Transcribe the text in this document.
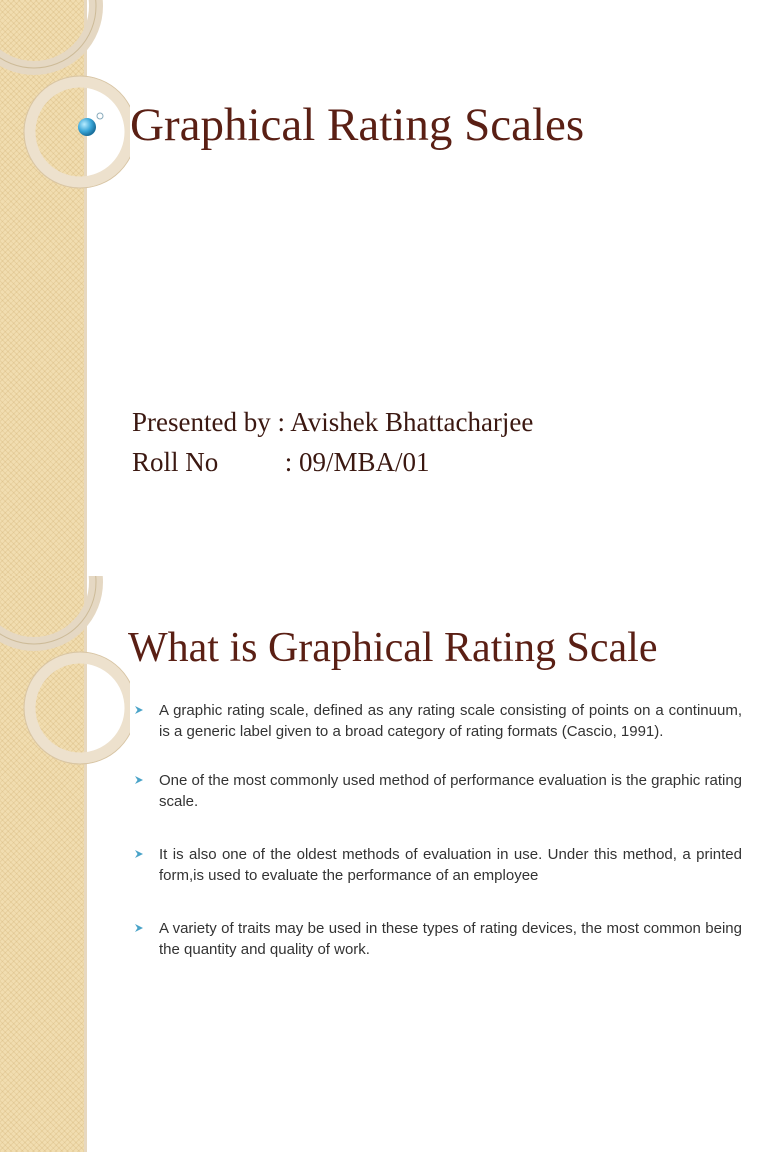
Graphical Rating Scales
Presented by : Avishek Bhattacharjee
Roll No : 09/MBA/01
What is Graphical Rating Scale
A graphic rating scale, defined as any rating scale consisting of points on a continuum, is a generic label given to a broad category of rating formats (Cascio, 1991).
One of the most commonly used method of performance evaluation is the graphic rating scale.
It is also one of the oldest methods of evaluation in use. Under this method, a printed form,is used to evaluate the performance of an employee
A variety of traits may be used in these types of rating devices, the most common being the quantity and quality of work.
